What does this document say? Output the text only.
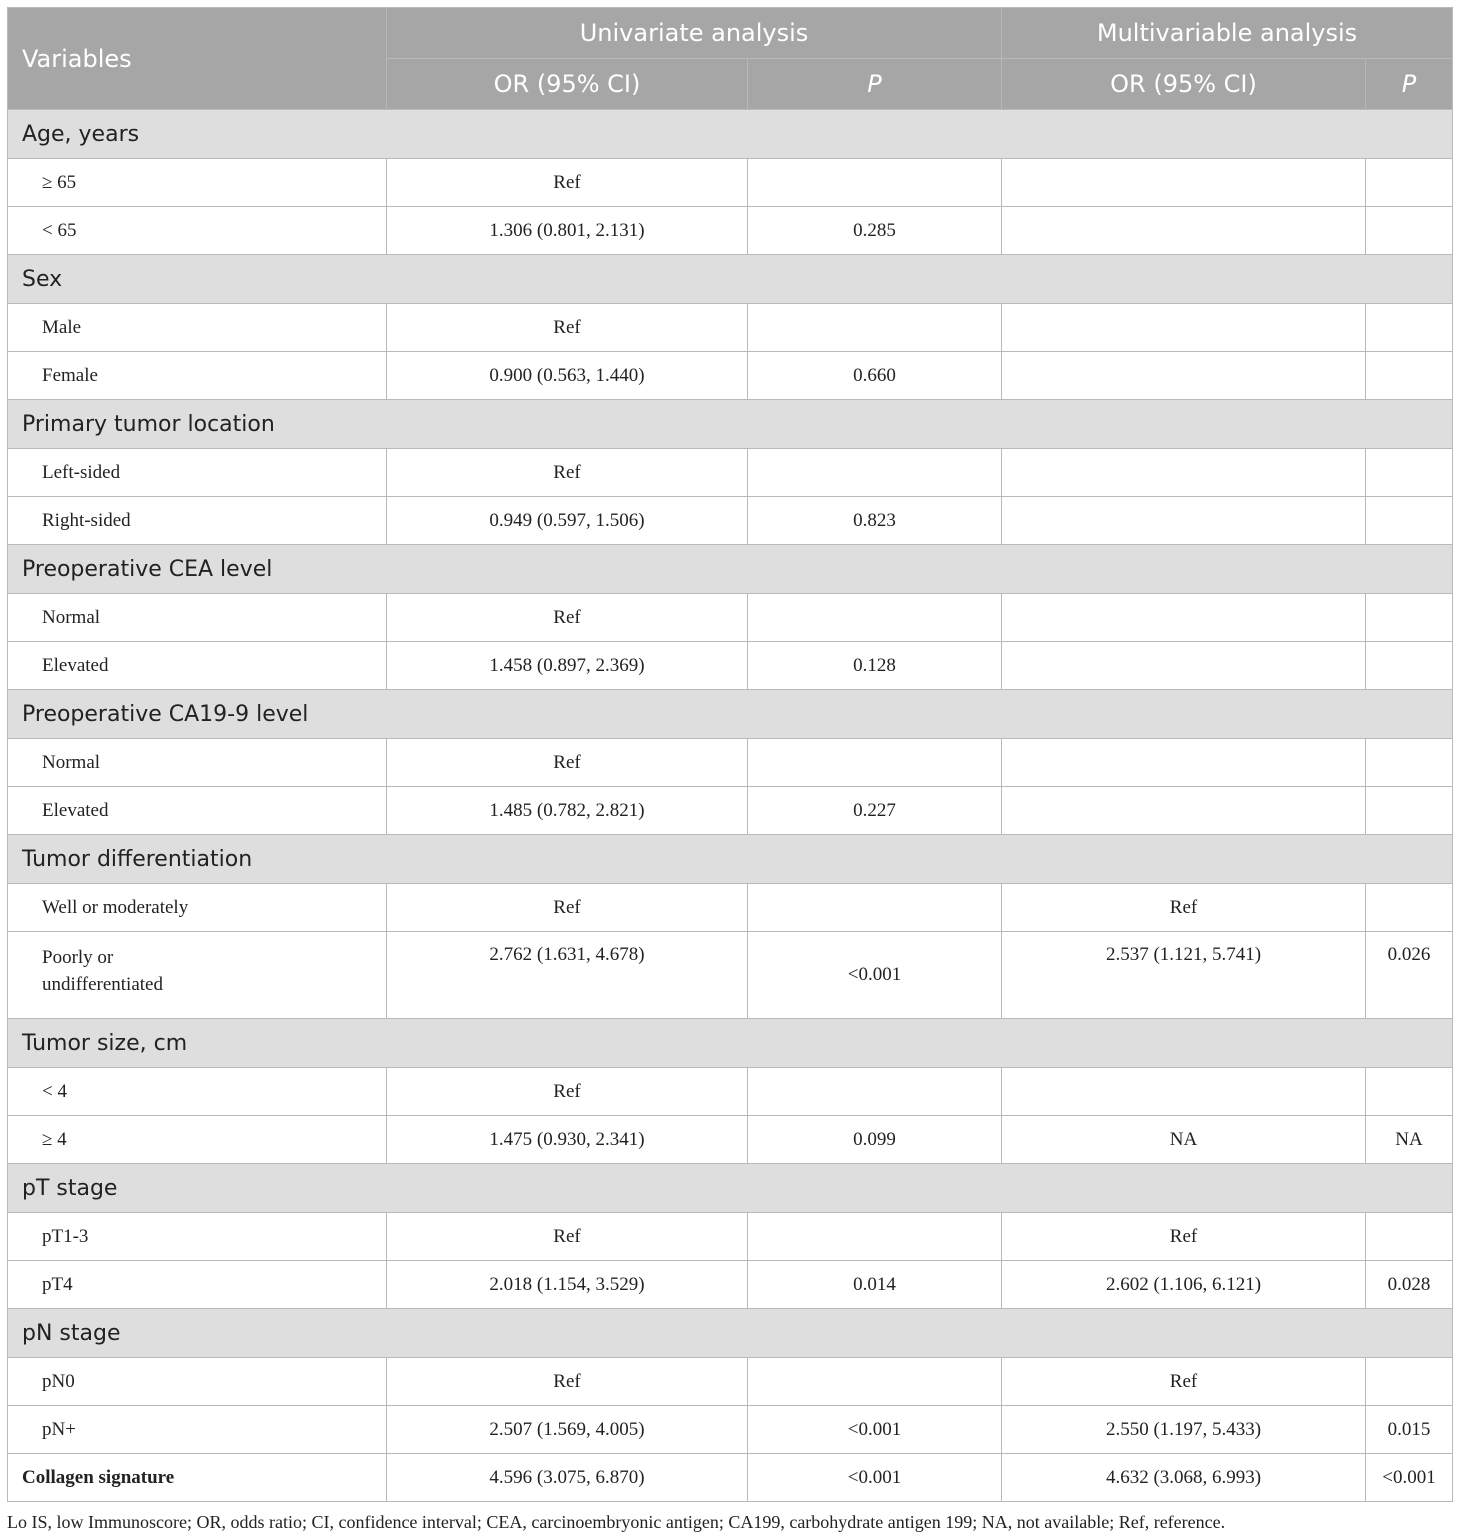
Variables	Univariate analysis		Multivariable analysis	
	OR (95% CI)	P	OR (95% CI)	P
Age, years				
≥ 65	Ref			
< 65	1.306 (0.801, 2.131)	0.285		
Sex				
Male	Ref			
Female	0.900 (0.563, 1.440)	0.660		
Primary tumor location				
Left-sided	Ref			
Right-sided	0.949 (0.597, 1.506)	0.823		
Preoperative CEA level				
Normal	Ref			
Elevated	1.458 (0.897, 2.369)	0.128		
Preoperative CA19-9 level				
Normal	Ref			
Elevated	1.485 (0.782, 2.821)	0.227		
Tumor differentiation				
Well or moderately	Ref		Ref	

Poorly or
undifferentiated	2.762 (1.631, 4.678)	<0.001	2.537 (1.121, 5.741)	0.026
Tumor size, cm				
< 4	Ref			
≥ 4	1.475 (0.930, 2.341)	0.099	NA	NA
pT stage				
pT1-3	Ref		Ref	
pT4	2.018 (1.154, 3.529)	0.014	2.602 (1.106, 6.121)	0.028
pN stage				
pN0	Ref		Ref	
pN+	2.507 (1.569, 4.005)	<0.001	2.550 (1.197, 5.433)	0.015
Collagen signature	4.596 (3.075, 6.870)	<0.001	4.632 (3.068, 6.993)	<0.001
Lo IS, low Immunoscore; OR, odds ratio; CI, confidence interval; CEA, carcinoembryonic antigen; CA199, carbohydrate antigen 199; NA, not available; Ref, reference.
